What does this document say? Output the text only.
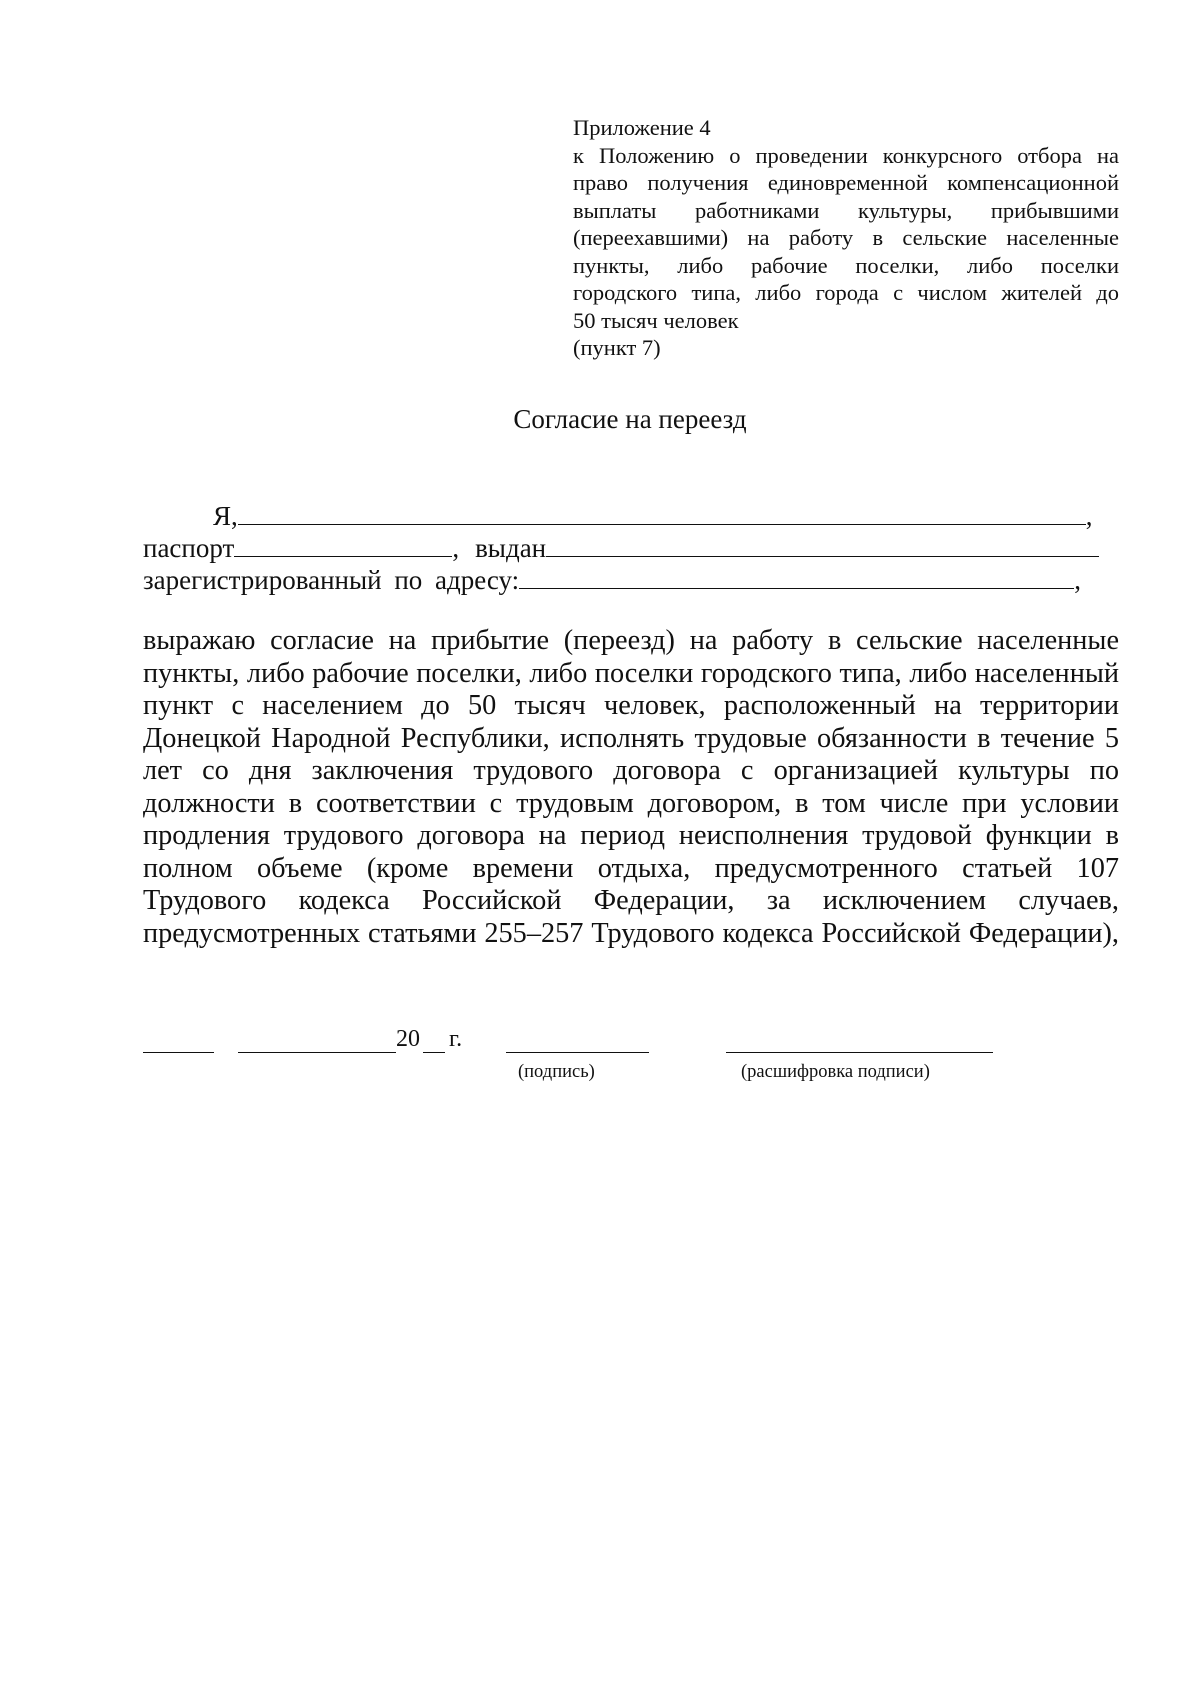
Приложение 4
к Положению о проведении конкурсного отбора на
право получения единовременной компенсационной
выплаты работниками культуры, прибывшими
(переехавшими) на работу в сельские населенные
пункты, либо рабочие поселки, либо поселки
городского типа, либо города с числом жителей до
50 тысяч человек
(пункт 7)
Согласие на переезд
Я,	,
паспорт	, выдан
зарегистрированный по адресу:	,
выражаю согласие на прибытие (переезд) на работу в сельские населенные
пункты, либо рабочие поселки, либо поселки городского типа, либо населенный
пункт с населением до 50 тысяч человек, расположенный на территории
Донецкой Народной Республики, исполнять трудовые обязанности в течение 5
лет со дня заключения трудового договора с организацией культуры по
должности в соответствии с трудовым договором, в том числе при условии
продления трудового договора на период неисполнения трудовой функции в
полном объеме (кроме времени отдыха, предусмотренного статьей 107
Трудового кодекса Российской Федерации, за исключением случаев,
предусмотренных статьями 255–257 Трудового кодекса Российской Федерации),
20 г.
(подпись)	(расшифровка подписи)
